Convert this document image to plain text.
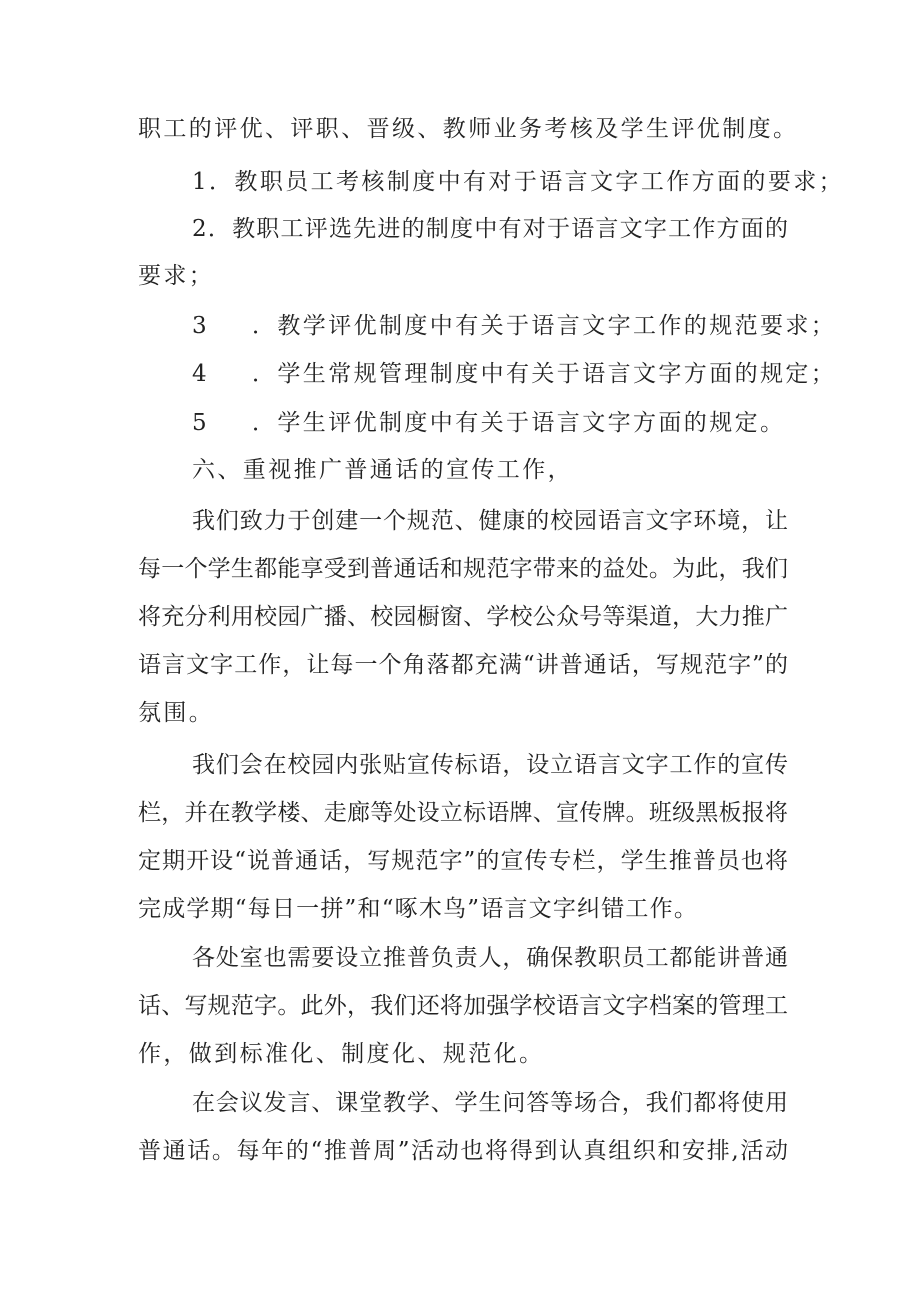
职工的评优、评职、晋级、教师业务考核及学生评优制度。
1．教职员工考核制度中有对于语言文字工作方面的要求；
2．教职工评选先进的制度中有对于语言文字工作方面的
要求；
3 ．教学评优制度中有关于语言文字工作的规范要求；
4 ．学生常规管理制度中有关于语言文字方面的规定；
5 ．学生评优制度中有关于语言文字方面的规定。
六、重视推广普通话的宣传工作，
我们致力于创建一个规范、健康的校园语言文字环境，让
每一个学生都能享受到普通话和规范字带来的益处。为此，我们
将充分利用校园广播、校园橱窗、学校公众号等渠道，大力推广
语言文字工作，让每一个角落都充满“讲普通话，写规范字”的
氛围。
我们会在校园内张贴宣传标语，设立语言文字工作的宣传
栏，并在教学楼、走廊等处设立标语牌、宣传牌。班级黑板报将
定期开设“说普通话，写规范字”的宣传专栏，学生推普员也将
完成学期“每日一拼”和“啄木鸟”语言文字纠错工作。
各处室也需要设立推普负责人，确保教职员工都能讲普通
话、写规范字。此外，我们还将加强学校语言文字档案的管理工
作，做到标准化、制度化、规范化。
在会议发言、课堂教学、学生问答等场合，我们都将使用
普通话。每年的“推普周”活动也将得到认真组织和安排,活动
